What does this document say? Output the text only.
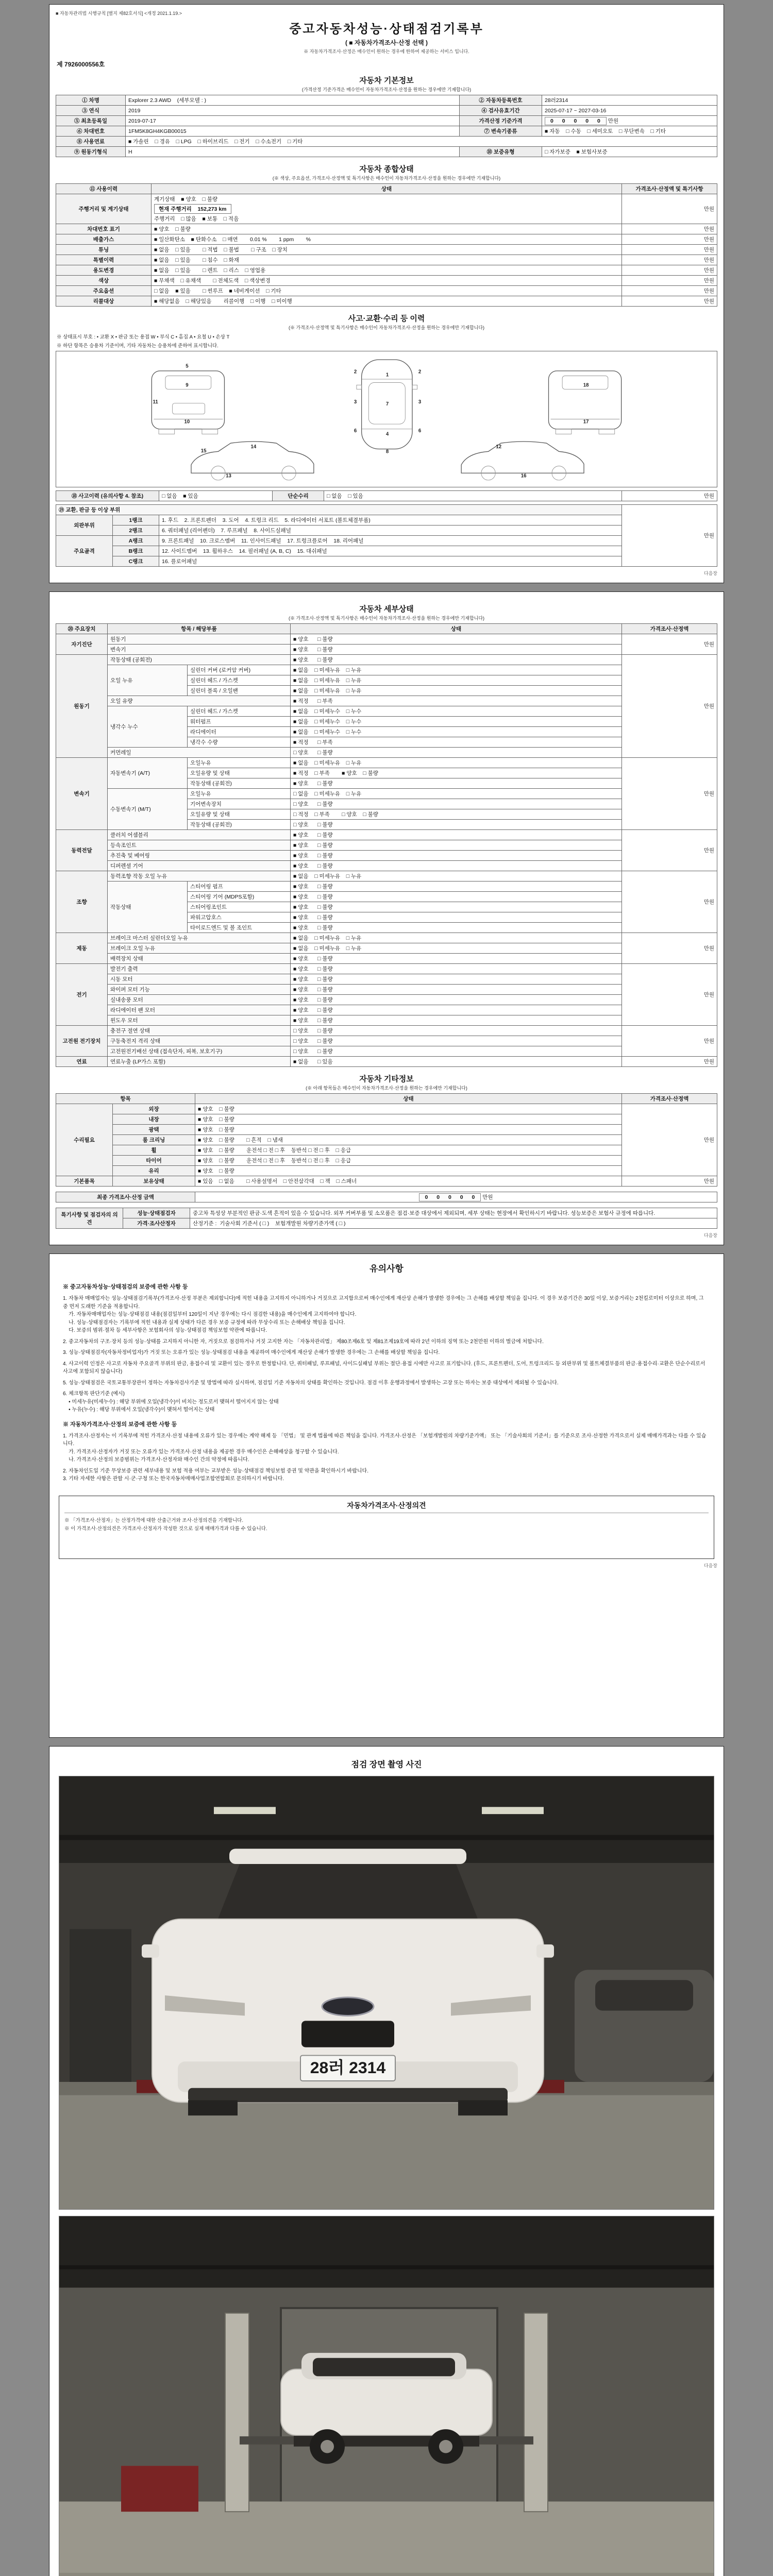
■ 자동차관리법 시행규칙 [별지 제82호서식] <개정 2021.1.19.>
중고자동차성능·상태점검기록부
( ■ 자동차가격조사·산정 선택 )
※ 자동차가격조사·산정은 매수인이 원하는 경우에 한하여 제공하는 서비스 입니다.
제 7926000556호
자동차 기본정보
(가격산정 기준가격은 매수인이 자동차가격조사·산정을 원하는 경우에만 기재합니다)
① 차명	Explorer 2.3 AWD    (세부모델 : )	② 자동차등록번호	28러2314
③ 연식	2019	④ 검사유효기간	2025-07-17 ~ 2027-03-16
⑤ 최초등록일	2019-07-17	가격산정 기준가격	0 0 0 0 0 만원
⑥ 차대번호	1FM5K8GH4KGB00015	⑦ 변속기종류	■ 자동    □ 수동    □ 세미오토    □ 무단변속    □ 기타
⑧ 사용연료	■ 가솔린    □ 경유    □ LPG    □ 하이브리드    □ 전기    □ 수소전기    □ 기타		
⑨ 원동기형식	H	⑩ 보증유형	□ 자가보증    ■ 보험사보증
자동차 종합상태
(※ 색상, 주요옵션, 가격조사·산정액 및 특기사항은 매수인이 자동차가격조사·산정을 원하는 경우에만 기재합니다)
⑪ 사용이력	상태	가격조사·산정액 및 특기사항
주행거리 및 계기상태	계기상태    ■ 양호    □ 불량
현재 주행거리    152,273 km
주행거리    □ 많음    ■ 보통    □ 적음	만원
차대번호 표기	■ 양호    □ 불량	만원
배출가스	■ 일산화탄소    ■ 탄화수소    □ 매연        0.01 %        1 ppm        %	만원
튜닝	■ 없음    □ 있음        □ 적법    □ 불법        □ 구조    □ 장치	만원
특별이력	■ 없음    □ 있음        □ 침수    □ 화재	만원
용도변경	■ 없음    □ 있음        □ 렌트    □ 리스    □ 영업용	만원
색상	■ 무채색    □ 유채색        □ 전체도색    □ 색상변경	만원
주요옵션	□ 없음    ■ 있음        □ 썬루프    ■ 네비게이션    □ 기타	만원
리콜대상	■ 해당없음    □ 해당있음        리콜이행    □ 이행    □ 미이행	만원
사고·교환·수리 등 이력
(※ 가격조사·산정액 및 특기사항은 매수인이 자동차가격조사·산정을 원하는 경우에만 기재합니다)
※ 상태표시 부호 : • 교환 X • 판금 또는 용접 W • 부식 C • 흠집 A • 요철 U • 손상 T
※ 하단 항목은 승용차 기준이며, 기타 자동차는 승용차에 준하여 표시합니다.
5
9
10
11
2	2
1
3	3
7
6	6
4
8
18
17
15
14
13
12
16
⑱ 사고이력 (유의사항 4. 참조)	□ 없음    ■ 있음	단순수리	□ 없음    □ 있음	만원
⑲ 교환, 판금 등 이상 부위			만원
외판부위	1랭크	1. 후드    2. 프론트펜더    3. 도어    4. 트렁크 리드    5. 라디에이터 서포트 (볼트체결부품)	
	2랭크	6. 쿼터패널 (리어펜더)    7. 루프패널    8. 사이드실패널	
주요골격	A랭크	9. 프론트패널    10. 크로스멤버    11. 인사이드패널    17. 트렁크플로어    18. 리어패널	
	B랭크	12. 사이드멤버    13. 휠하우스    14. 필러패널 (A, B, C)    15. 대쉬패널	
	C랭크	16. 플로어패널	
다음장
자동차 세부상태
(※ 가격조사·산정액 및 특기사항은 매수인이 자동차가격조사·산정을 원하는 경우에만 기재합니다)
⑳ 주요장치	항목 / 해당부품		상태	가격조사·산정액
자기진단	원동기		■ 양호      □ 불량	만원
	변속기		■ 양호      □ 불량	
원동기	작동상태 (공회전)		■ 양호      □ 불량	만원
	오일 누유	실린더 커버 (로커암 커버)	■ 없음    □ 미세누유    □ 누유	
		실린더 헤드 / 가스켓	■ 없음    □ 미세누유    □ 누유	
		실린더 블록 / 오일팬	■ 없음    □ 미세누유    □ 누유	
	오일 유량		■ 적정      □ 부족	
	냉각수 누수	실린더 헤드 / 가스켓	■ 없음    □ 미세누수    □ 누수	
		워터펌프	■ 없음    □ 미세누수    □ 누수	
		라디에이터	■ 없음    □ 미세누수    □ 누수	
		냉각수 수량	■ 적정      □ 부족	
	커먼레일		□ 양호      □ 불량	
변속기	자동변속기 (A/T)	오일누유	■ 없음    □ 미세누유    □ 누유	만원
		오일유량 및 상태	■ 적정    □ 부족        ■ 양호    □ 불량	
		작동상태 (공회전)	■ 양호      □ 불량	
	수동변속기 (M/T)	오일누유	□ 없음    □ 미세누유    □ 누유	
		기어변속장치	□ 양호      □ 불량	
		오일유량 및 상태	□ 적정    □ 부족        □ 양호    □ 불량	
		작동상태 (공회전)	□ 양호      □ 불량	
동력전달	클러치 어셈블리		■ 양호      □ 불량	만원
	등속조인트		■ 양호      □ 불량	
	추진축 및 베어링		■ 양호      □ 불량	
	디퍼렌셜 기어		■ 양호      □ 불량	
조향	동력조향 작동 오일 누유		■ 없음    □ 미세누유    □ 누유	만원
	작동상태	스티어링 펌프	■ 양호      □ 불량	
		스티어링 기어 (MDPS포함)	■ 양호      □ 불량	
		스티어링조인트	■ 양호      □ 불량	
		파워고압호스	■ 양호      □ 불량	
		타이로드엔드 및 볼 조인트	■ 양호      □ 불량	
제동	브레이크 마스터 실린더오일 누유		■ 없음    □ 미세누유    □ 누유	만원
	브레이크 오일 누유		■ 없음    □ 미세누유    □ 누유	
	배력장치 상태		■ 양호      □ 불량	
전기	발전기 출력		■ 양호      □ 불량	만원
	시동 모터		■ 양호      □ 불량	
	와이퍼 모터 기능		■ 양호      □ 불량	
	실내송풍 모터		■ 양호      □ 불량	
	라디에이터 팬 모터		■ 양호      □ 불량	
	윈도우 모터		■ 양호      □ 불량	
고전원 전기장치	충전구 절연 상태		□ 양호      □ 불량	만원
	구동축전지 격리 상태		□ 양호      □ 불량	
	고전원전기배선 상태 (접속단자, 피복, 보호기구)		□ 양호      □ 불량	
연료	연료누출 (LP가스 포함)		■ 없음      □ 있음	만원
자동차 기타정보
(※ 아래 항목들은 매수인이 자동차가격조사·산정을 원하는 경우에만 기재합니다)
항목		상태	가격조사·산정액
수리필요	외장	■ 양호    □ 불량	만원
	내장	■ 양호    □ 불량	
	광택	■ 양호    □ 불량	
	룸 크리닝	■ 양호    □ 불량        □ 흔적    □ 냄새	
	휠	■ 양호    □ 불량        운전석 □ 전 □ 후    동반석 □ 전 □ 후    □ 응급	
	타이어	■ 양호    □ 불량        운전석 □ 전 □ 후    동반석 □ 전 □ 후    □ 응급	
	유리	■ 양호    □ 불량	
기본품목	보유상태	■ 있음    □ 없음        □ 사용설명서    □ 안전삼각대    □ 잭    □ 스패너	만원
최종 가격조사·산정 금액	0 0 0 0 0 만원
특기사항 및 점검자의 의견	성능·상태점검자	중고차 특성상 부분적인 판금·도색 흔적이 있을 수 있습니다. 외부 커버부품 및 소모품은 점검·보증 대상에서 제외되며, 세부 상태는 현장에서 확인하시기 바랍니다. 성능보증은 보험사 규정에 따릅니다.
	가격·조사산정자	산정기준 :  기술사회 기준서 ( □ )    보험개발원 차량기준가액 ( □ )
다음장
유의사항

※ 중고자동차성능·상태점검의 보증에 관한 사항 등

1. 자동차 매매업자는 성능·상태점검기록부(가격조사·산정 부분은 제외합니다)에 적힌 내용을 고지하지 아니하거나 거짓으로 고지함으로써 매수인에게 재산상 손해가 발생한 경우에는 그 손해를 배상할 책임을 집니다. 이 경우 보증기간은 30일 이상, 보증거리는 2천킬로미터 이상으로 하며, 그 중 먼저 도래한 기준을 적용합니다.
가. 자동차매매업자는 성능·상태점검 내용(점검일부터 120일이 지난 경우에는 다시 점검한 내용)을 매수인에게 고지하여야 합니다.
나. 성능·상태점검자는 기록부에 적힌 내용과 실제 상태가 다른 경우 보증 규정에 따라 무상수리 또는 손해배상 책임을 집니다.
다. 보증의 범위·절차 등 세부사항은 보험회사의 성능·상태점검 책임보험 약관에 따릅니다.

2. 중고자동차의 구조·장치 등의 성능·상태를 고지하지 아니한 자, 거짓으로 점검하거나 거짓 고지한 자는 「자동차관리법」 제80조제6호 및 제81조제19호에 따라 2년 이하의 징역 또는 2천만원 이하의 벌금에 처합니다.

3. 성능·상태점검자(자동차정비업자)가 거짓 또는 오류가 있는 성능·상태점검 내용을 제공하여 매수인에게 재산상 손해가 발생한 경우에는 그 손해를 배상할 책임을 집니다.

4. 사고이력 인정은 사고로 자동차 주요골격 부위의 판금, 용접수리 및 교환이 있는 경우로 한정합니다. 단, 쿼터패널, 루프패널, 사이드실패널 부위는 절단·용접 시에만 사고로 표기합니다. (후드, 프론트펜더, 도어, 트렁크리드 등 외판부위 및 볼트체결부품의 판금·용접수리·교환은 단순수리로서 사고에 포함되지 않습니다)

5. 성능·상태점검은 국토교통부장관이 정하는 자동차검사기준 및 방법에 따라 실시하며, 점검일 기준 자동차의 상태를 확인하는 것입니다. 점검 이후 운행과정에서 발생하는 고장 또는 하자는 보증 대상에서 제외될 수 있습니다.

6. 체크항목 판단기준 (예시)
• 미세누유(미세누수) : 해당 부위에 오일(냉각수)이 비치는 정도로서 맺혀서 떨어지지 않는 상태
• 누유(누수) : 해당 부위에서 오일(냉각수)이 맺혀서 떨어지는 상태

※ 자동차가격조사·산정의 보증에 관한 사항 등

1. 가격조사·산정자는 이 기록부에 적힌 가격조사·산정 내용에 오류가 있는 경우에는 계약 해제 등 「민법」 및 관계 법률에 따른 책임을 집니다. 가격조사·산정은 「보험개발원의 차량기준가액」 또는 「기술사회의 기준서」를 기준으로 조사·산정한 가격으로서 실제 매매가격과는 다를 수 있습니다.
가. 가격조사·산정자가 거짓 또는 오류가 있는 가격조사·산정 내용을 제공한 경우 매수인은 손해배상을 청구할 수 있습니다.
나. 가격조사·산정의 보증범위는 가격조사·산정자와 매수인 간의 약정에 따릅니다.

2. 자동차인도일 기준 무상보증 관련 세부내용 및 보험 적용 여부는 교부받은 성능·상태점검 책임보험 증권 및 약관을 확인하시기 바랍니다.
3. 기타 자세한 사항은 관할 시·군·구청 또는 한국자동차매매사업조합연합회로 문의하시기 바랍니다.

자동차가격조사·산정의견
※ 「가격조사·산정자」는 산정가격에 대한 산출근거와 조사·산정의견을 기재합니다.
※ 이 가격조사·산정의견은 가격조사·산정자가 작성한 것으로 실제 매매가격과 다를 수 있습니다.
다음장
점검 장면 촬영 사진
28러 2314
